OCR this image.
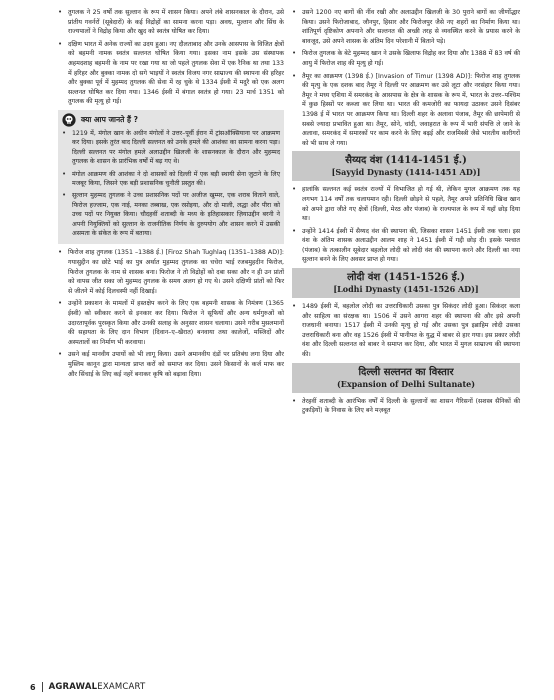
• तुगलक ने 25 वर्षों तक सुल्तान के रूप में शासन किया। अपने लंबे शासनकाल के दौरान, उसे प्रांतीय गवर्नरों (सूबेदारों) के कई विद्रोहों का सामना करना पड़ा। अवध, मुल्तान और सिंध के राज्यपालों ने विद्रोह किया और खुद को स्वतंत्र घोषित कर दिया।
• दक्षिण भारत में अनेक राज्यों का उदय हुआ। नए दौलताबाद और उनके आसपास के विजित क्षेत्रों को बहमनी नामक स्वतंत्र सल्तनत घोषित किया गया। इसका नाम इसके उस संस्थापक अहमदशाह बहमनी के नाम पर रखा गया था जो पहले तुगलक सेवा में एक रैनिक था तथा 133 में हरिहर और बुक्का नामक दो सगे भाइयों ने स्वतंत्र विजय नगर साम्राज्य की स्थापना की हरिहर और बुक्का पूर्व में मुहम्मद तुगलक की सेवा में रह चुके थे 1334 ईस्वी में मदुरै को एक अलग सल्तनत घोषित कर दिया गया। 1346 ईस्वी में बंगाल स्वतंत्र हो गया। 23 मार्च 1351 को तुगलक की मृत्यु हो गई।
क्या आप जानते हैं ?
• 1219 में, मंगोल खान के अधीन मंगोलों ने उत्तर–पूर्वी ईरान में ट्रांसऑक्सियाना पर आक्रमण कर दिया। इसके तुरंत बाद दिल्ली सल्तनत को उनके हमले की आशंका का सामना करना पड़ा। दिल्ली सल्तनत पर मंगोल हमले अलाउद्दीन खिलजी के शासनकाल के दौरान और मुहम्मद तुगलक के शासन के प्रारंभिक वर्षों में बढ़ गए थे।
• मंगोल आक्रमण की आशंका ने दो शासकों को दिल्ली में एक बड़ी स्थायी सेना जुटाने के लिए मजबूर किया, जिसने एक बड़ी प्रशासनिक चुनौती प्रस्तुत की।
• सुल्तान मुहम्मद तुगलक ने उच्च प्रशासनिक पदों पर अजीज खुम्मर, एक शराब विताने वाले, फिरोज हज्जाम, एक नाई, मनका तब्बाख, एक रसोइया, और दो माली, लद्धा और पीरा को उच्च पदों पर नियुक्त किया। चौदहवीं शताब्दी के मध्य के इतिहासकार ज़ियाउद्दीन बरनी ने अपनी नियुक्तियों को सुल्तान के राजनीतिक निर्णय के दुरुपयोग और शासन करने में उसकी असमता के संकेत के रूप में बताया।
• फिरोज शाह तुगलक (1351 –1388 ई.) [Firoz Shah Tughlaq (1351–1388 AD)]: गयासुद्दीन का छोटे भाई का पुत्र अर्थात मुहम्मद तुगलक का चचेरा भाई रजबमुहदीन फिरोज, फिरोज तुगलक के नाम से शासक बना। फिरोज ने तो विद्रोहों को दबा सका और न ही उन प्रांतों को वापस जीत सका जो मुहम्मद तुगलक के समय अलग हो गए थे। उसने दक्षिणी प्रांतों को फिर से जीतने में कोई दिलचस्पी नहीं दिखाई।
• उन्होंने प्रकाशन के मामलों में हस्तक्षेप करने के लिए एक बहमनी शासक के निमंत्रण (1365 ईस्वी) को स्वीकार करने से इनकार कर दिया। फिरोज ने सूफियों और अन्य धर्मगुरुओं को उदारतापूर्वक पुरस्कृत किया और उनकी सलाह के अनुसार शासन चलाया। उसने गरीब मुसलमानों की सहायता के लिए दान विभाग (दिवान–ए–खैरात) बनवाया तथा कालेजों, मस्जिदों और अस्पतालों का निर्माण भी करवाया।
• उसने कई मानवीय उपायों को भी लागू किया। उसने अमानवीय दंडों पर प्रतिबंध लगा दिया और मुस्लिम कानून द्वारा मान्यता प्राप्त करों को समाप्त कर दिया। उसने किसानों के कर्ज माफ कर और सिंचाई के लिए कई नहरें बनाकर कृषि को बढ़ावा दिया।
• उसने 1200 नए बागों की नींव रखी और अलाउद्दीन खिलजी के 30 पुराने बागों का जीर्णोद्धार किया। उसने फिरोजाबाद, जौनपुर, हिसार और फिरोजपुर जैसे नए शहरों का निर्माण किया था। शांतिपूर्ण दृष्टिकोण अपनाने और सल्तनत की अच्छी तरह से व्यवस्थित करने के प्रयास करने के बावजूद, उसे अपने शासक के अंतिम दिन परेशानी में बिताने पड़े।
• फिरोज तुगलक के बेटे मुहम्मद खान ने उसके खिलाफ विद्रोह कर दिया और 1388 में 83 वर्ष की आयु में फिरोज शाह की मृत्यु हो गई।
• तैमूर का आक्रमण (1398 ई.) [Invasion of Timur (1398 AD)]: फिरोज शाह तुगलक की मृत्यु के एक दशक बाद तैमूर ने दिल्ली पर आक्रमण कर उसे लूटा और नरसंहार किया गया। तैमूर ने मध्य एशिया में समरकंद के आसपास के क्षेत्र के शासक के रूप में, भारत के उत्तर–पश्चिम में कुछ हिस्सों पर कब्जा कर लिया था। भारत की कमजोरी का फायदा उठाकर उसने दिसंबर 1398 ई में भारत पर आक्रमण किया था। दिल्ली शहर के अलावा पंजाब, तैमूर की छापेमारी से सबसे ज्यादा प्रभावित हुआ था। तैमूर, सोने, चांदी, जवाहरात के रूप में भारी संपत्ति ले जाने के अलावा, समरकंद में समारकों पर काम करने के लिए बढ़ई और राजमिस्त्री जैसे भारतीय कारीगरों को भी साथ ले गया।
सैय्यद वंश (1414-1451 ई.)
[Sayyid Dynasty (1414-1451 AD)]
• हालांकि सल्तनत कई स्वतंत्र राज्यों में विभाजित हो गई थी, लेकिन मुगल आक्रमण तक यह लगभग 114 वर्षों तक चलायमान रही। दिल्ली छोड़ने से पहले, तैमूर अपने प्रतिनिधि खिज्र खान को अपने द्वारा जीते गए क्षेत्रों (दिल्ली, मेरठ और पंजाब) के राज्यपाल के रूप में यहाँ छोड़ दिया था।
• उन्होंने 1414 ईस्वी में सैय्यद वंश की स्थापना की, जिसका शासन 1451 ईस्वी तक चला। इस वंश के अंतिम शासक अलाउद्दीन आलम शाह ने 1451 ईस्वी में गद्दी छोड़ दी। इसके पश्चात (पंजाब) के तत्कालीन सूबेदार बहलोल लोदी को लोदी वंश की स्थापना करने और दिल्ली का नया सुल्तान बनने के लिए अवसर प्राप्त हो गया।
लोदी वंश (1451-1526 ई.)
[Lodhi Dynasty (1451-1526 AD)]
• 1489 ईस्वी में, बहलोल लोदी का उत्तराधिकारी उसका पुत्र सिकंदर लोदी हुआ। सिकंदर कला और साहित्य का संरक्षक था। 1506 में उसने आगरा शहर की स्थापना की और इसे अपनी राजधानी बनाया। 1517 ईस्वी में उनकी मृत्यु हो गई और उसका पुत्र इब्राहिम लोदी उसका उत्तराधिकारी बना और वह 1526 ईस्वी में पानीपत के युद्ध में बाबर से हार गया। इस प्रकार लोदी वंश और दिल्ली सल्तनत को बाबर ने समाप्त कर दिया, और भारत में मुगल साम्राज्य की स्थापना की।
दिल्ली सल्तनत का विस्तार
(Expansion of Delhi Sultanate)
• तेरहवीं शताब्दी के आरंभिक वर्षों में दिल्ली के सुल्तानों का शासन गैरिसनों (सशस्त्र सैनिकों की टुकड़ियों) के निवास के लिए बने मज़बूत
6 AGRAWALEXAMCART
